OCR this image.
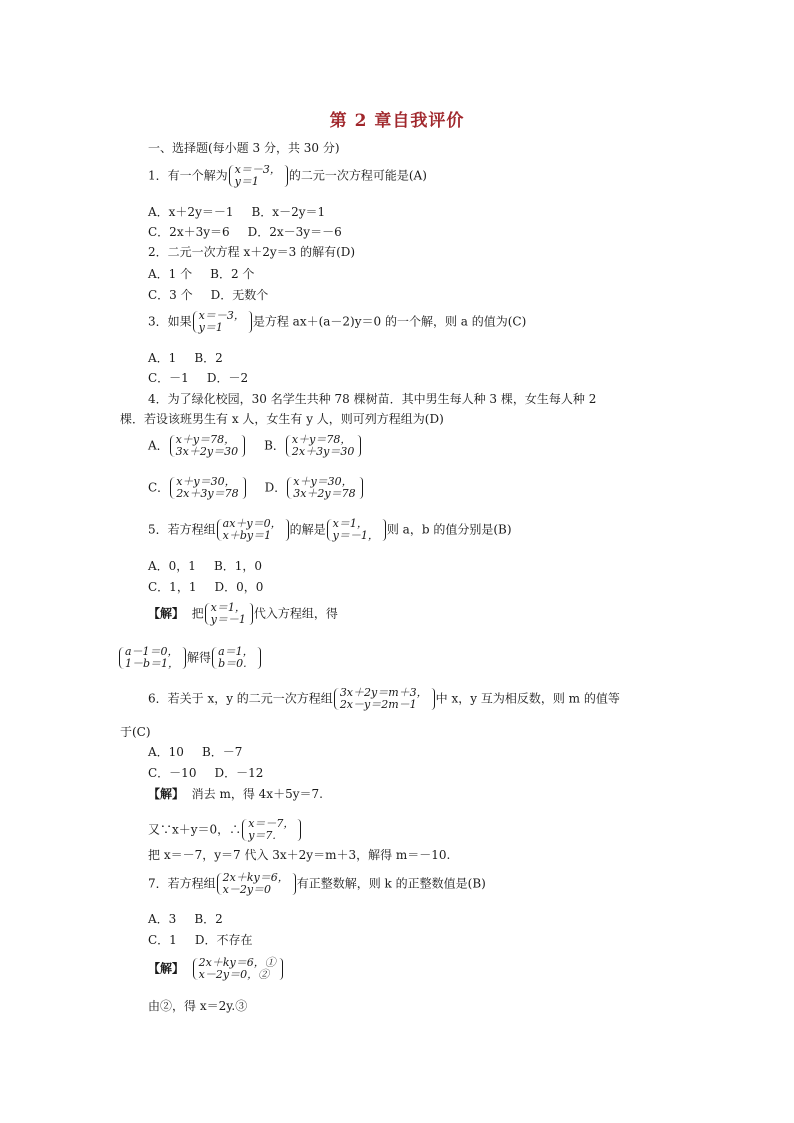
第 2 章自我评价
一、选择题(每小题 3 分，共 30 分)
1．有一个解为 x＝－3，
y＝1	的二元一次方程可能是(A)
A．x＋2y＝－1 B．x－2y＝1
C．2x＋3y＝6 D．2x－3y＝－6
2．二元一次方程 x＋2y＝3 的解有(D)
A．1 个 B．2 个
C．3 个 D．无数个
3．如果 x＝－3，
y＝1	是方程 ax＋(a－2)y＝0 的一个解，则 a 的值为(C)
A．1 B．2
C．－1 D．－2
4．为了绿化校园，30 名学生共种 78 棵树苗．其中男生每人种 3 棵，女生每人种 2
棵．若设该班男生有 x 人，女生有 y 人，则可列方程组为(D)
A． x＋y＝78，
3x＋2y＝30 B． x＋y＝78，
2x＋3y＝30
C． x＋y＝30，
2x＋3y＝78 D． x＋y＝30，
3x＋2y＝78
5．若方程组 ax＋y＝0，
x＋by＝1	的解是 x＝1，
y＝－1， 则 a，b 的值分别是(B)
A．0，1 B．1，0
C．1，1 D．0，0
【解】 把 x＝1，
y＝－1 代入方程组，得
a－1＝0，
1－b＝1， 解得 a＝1，
b＝0.
6．若关于 x，y 的二元一次方程组 3x＋2y＝m＋3，
2x－y＝2m－1	中 x，y 互为相反数，则 m 的值等
于(C)
A．10 B．－7
C．－10 D．－12
【解】 消去 m，得 4x＋5y＝7.
又∵x＋y＝0，∴ x＝－7，
y＝7.
把 x＝－7，y＝7 代入 3x＋2y＝m＋3，解得 m＝－10.
7．若方程组 2x＋ky＝6，
x－2y＝0	有正整数解，则 k 的正整数值是(B)
A．3 B．2
C．1 D．不存在
【解】 2x＋ky＝6，①
x－2y＝0，②
由②，得 x＝2y.③
